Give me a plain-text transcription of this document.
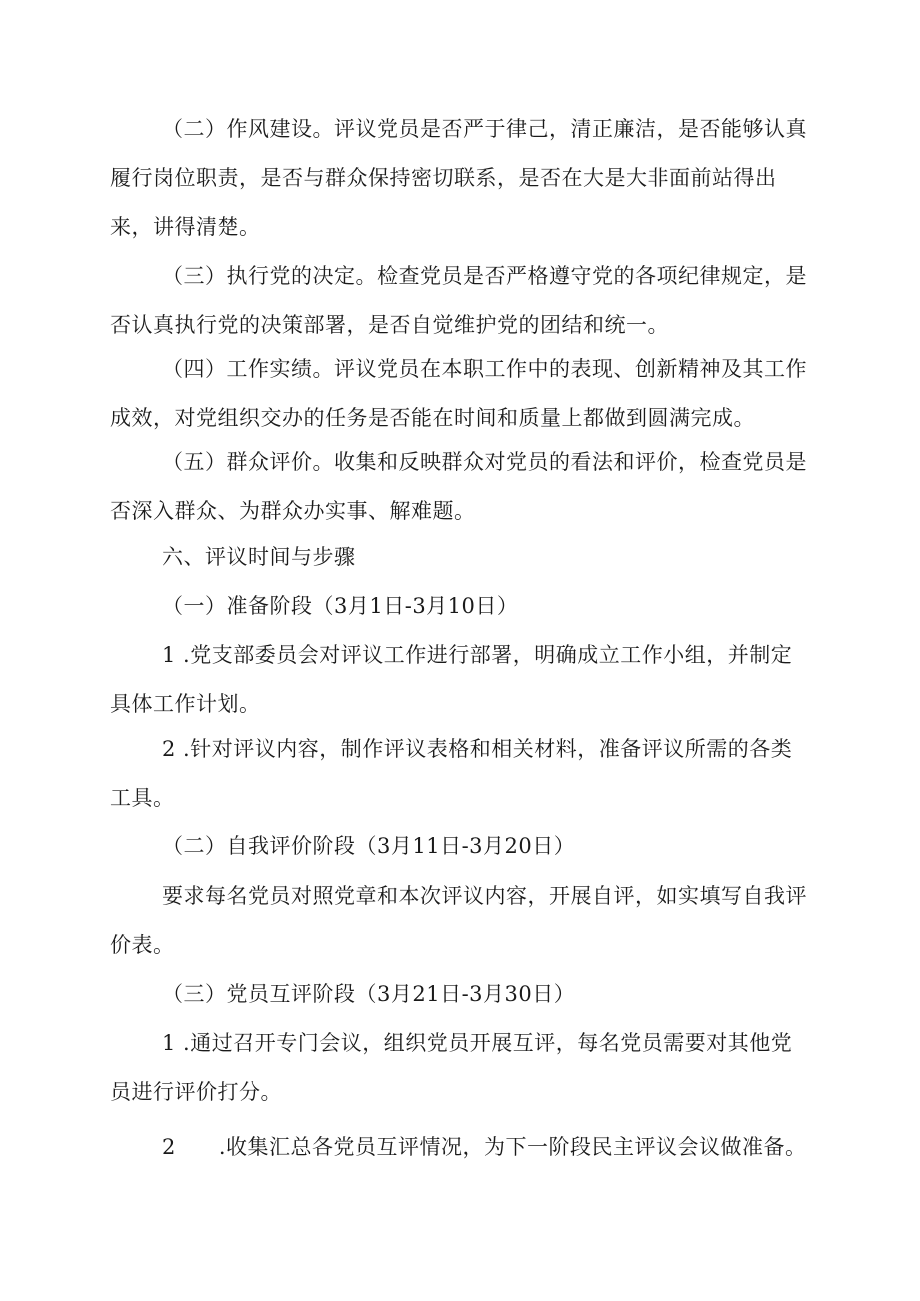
（二）作风建设。评议党员是否严于律己，清正廉洁，是否能够认真履行岗位职责，是否与群众保持密切联系，是否在大是大非面前站得出来，讲得清楚。

（三）执行党的决定。检查党员是否严格遵守党的各项纪律规定，是否认真执行党的决策部署，是否自觉维护党的团结和统一。

（四）工作实绩。评议党员在本职工作中的表现、创新精神及其工作成效，对党组织交办的任务是否能在时间和质量上都做到圆满完成。

（五）群众评价。收集和反映群众对党员的看法和评价，检查党员是否深入群众、为群众办实事、解难题。

六、评议时间与步骤

（一）准备阶段（3月1日-3月10日）

1 .党支部委员会对评议工作进行部署，明确成立工作小组，并制定具体工作计划。

2 .针对评议内容，制作评议表格和相关材料，准备评议所需的各类工具。

（二）自我评价阶段（3月11日-3月20日）

要求每名党员对照党章和本次评议内容，开展自评，如实填写自我评价表。

（三）党员互评阶段（3月21日-3月30日）

1 .通过召开专门会议，组织党员开展互评，每名党员需要对其他党员进行评价打分。

2　　.收集汇总各党员互评情况，为下一阶段民主评议会议做准备。
